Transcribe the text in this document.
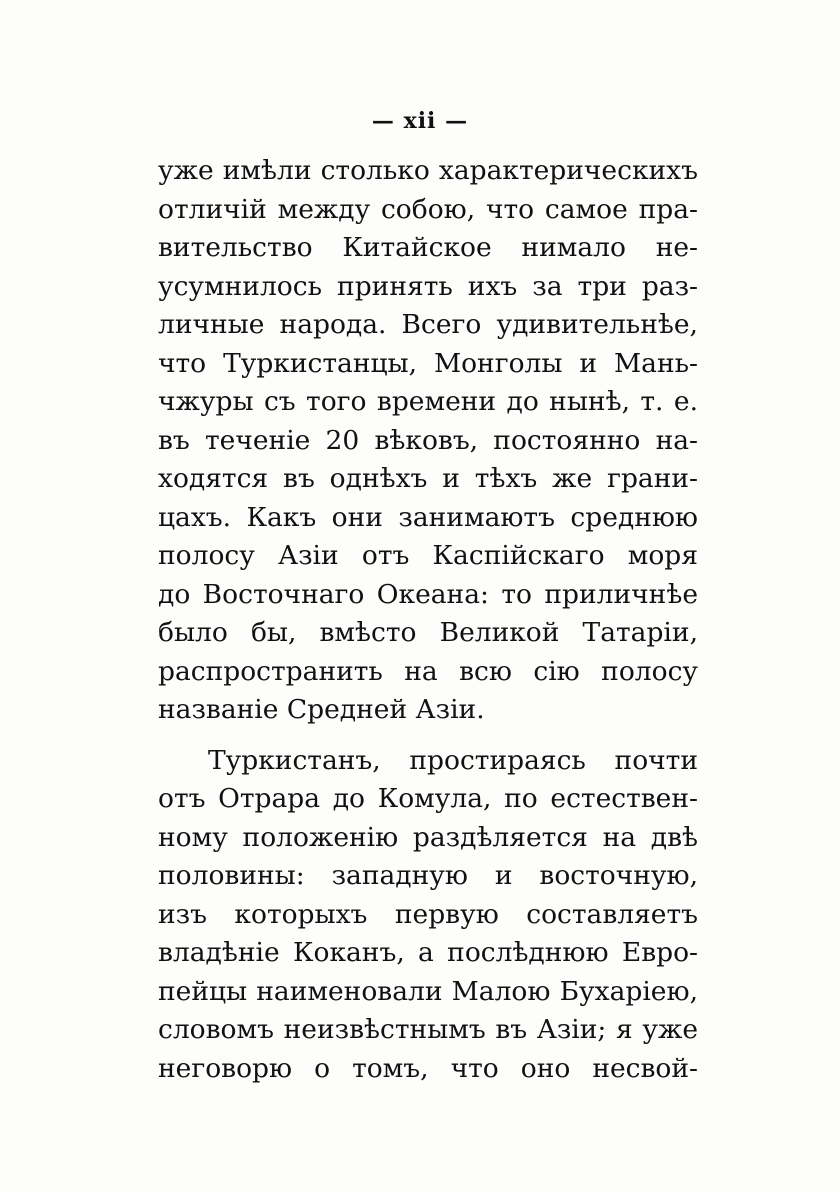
— xii —
уже имѣли столько характерическихъ
отличій между собою, что самое пра-
вительство Китайское нимало не-
усумнилось принять ихъ за три раз-
личные народа. Всего удивительнѣе,
что Туркистанцы, Монголы и Мань-
чжуры съ того времени до нынѣ, т. е.
въ теченіе 20 вѣковъ, постоянно на-
ходятся въ однѣхъ и тѣхъ же грани-
цахъ. Какъ они занимаютъ среднюю
полосу Азіи отъ Каспійскаго моря
до Восточнаго Океана: то приличнѣе
было бы, вмѣсто Великой Татаріи,
распространить на всю сію полосу
названіе Средней Азіи.
Туркистанъ, простираясь почти
отъ Отрара до Комула, по естествен-
ному положенію раздѣляется на двѣ
половины: западную и восточную,
изъ которыхъ первую составляетъ
владѣніе Коканъ, а послѣднюю Евро-
пейцы наименовали Малою Бухаріею,
словомъ неизвѣстнымъ въ Азіи; я уже
неговорю о томъ, что оно несвой-
